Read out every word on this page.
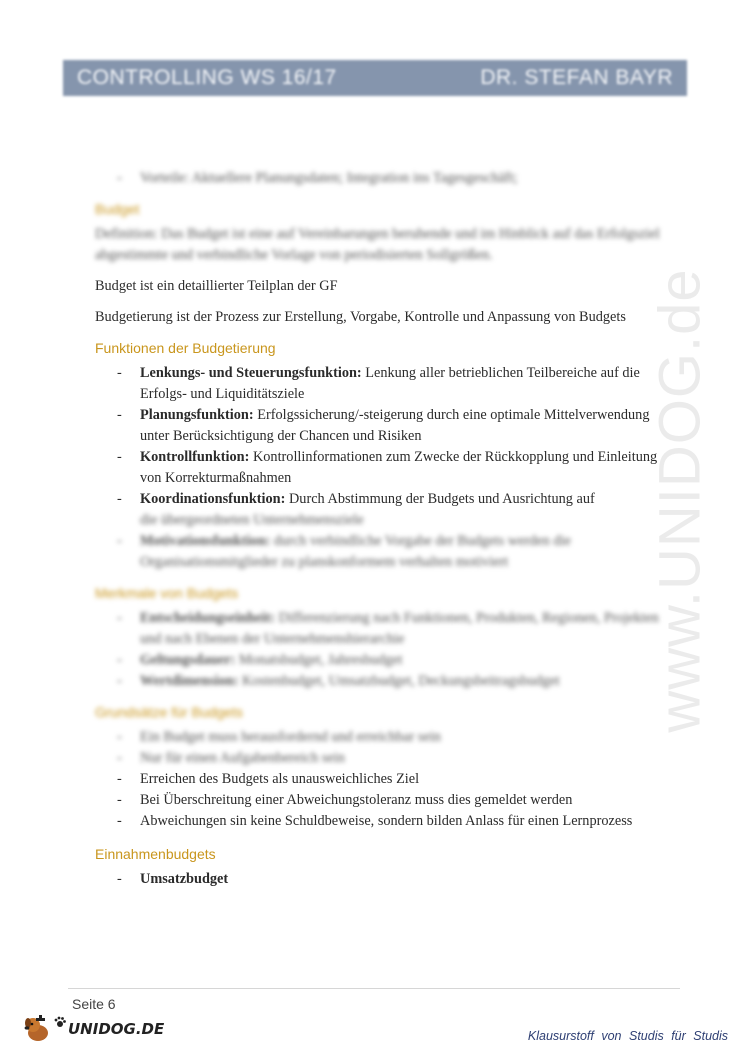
CONTROLLING WS 16/17	DR. STEFAN BAYR
www.UNIDOG.de
- Vorteile: Aktuellere Planungsdaten; Integration ins Tagesgeschäft;
Budget

Definition: Das Budget ist eine auf Vereinbarungen beruhende und im Hinblick auf das Erfolgsziel abgestimmte und verbindliche Vorlage von periodisierten Sollgrößen.

Budget ist ein detaillierter Teilplan der GF

Budgetierung ist der Prozess zur Erstellung, Vorgabe, Kontrolle und Anpassung von Budgets

Funktionen der Budgetierung
- Lenkungs- und Steuerungsfunktion: Lenkung aller betrieblichen Teilbereiche auf die Erfolgs- und Liquiditätsziele
- Planungsfunktion: Erfolgssicherung/-steigerung durch eine optimale Mittelverwendung unter Berücksichtigung der Chancen und Risiken
- Kontrollfunktion: Kontrollinformationen zum Zwecke der Rückkopplung und Einleitung von Korrekturmaßnahmen
- Koordinationsfunktion: Durch Abstimmung der Budgets und Ausrichtung auf
die übergeordneten Unternehmensziele
- Motivationsfunktion: durch verbindliche Vorgabe der Budgets werden die Organisationsmitglieder zu planskonformem verhalten motiviert
Merkmale von Budgets
- Entscheidungseinheit: Differenzierung nach Funktionen, Produkten, Regionen, Projekten und nach Ebenen der Unternehmenshierarchie
- Geltungsdauer: Monatsbudget, Jahresbudget
- Wertdimension: Kostenbudget, Umsatzbudget, Deckungsbeitragsbudget
Grundsätze für Budgets
- Ein Budget muss herausfordernd und erreichbar sein
- Nur für einen Aufgabenbereich sein
- Erreichen des Budgets als unausweichliches Ziel
- Bei Überschreitung einer Abweichungstoleranz muss dies gemeldet werden
- Abweichungen sin keine Schuldbeweise, sondern bilden Anlass für einen Lernprozess
Einnahmenbudgets
- Umsatzbudget
Seite 6
UNIDOG.DE	Klausurstoff von Studis für Studis
